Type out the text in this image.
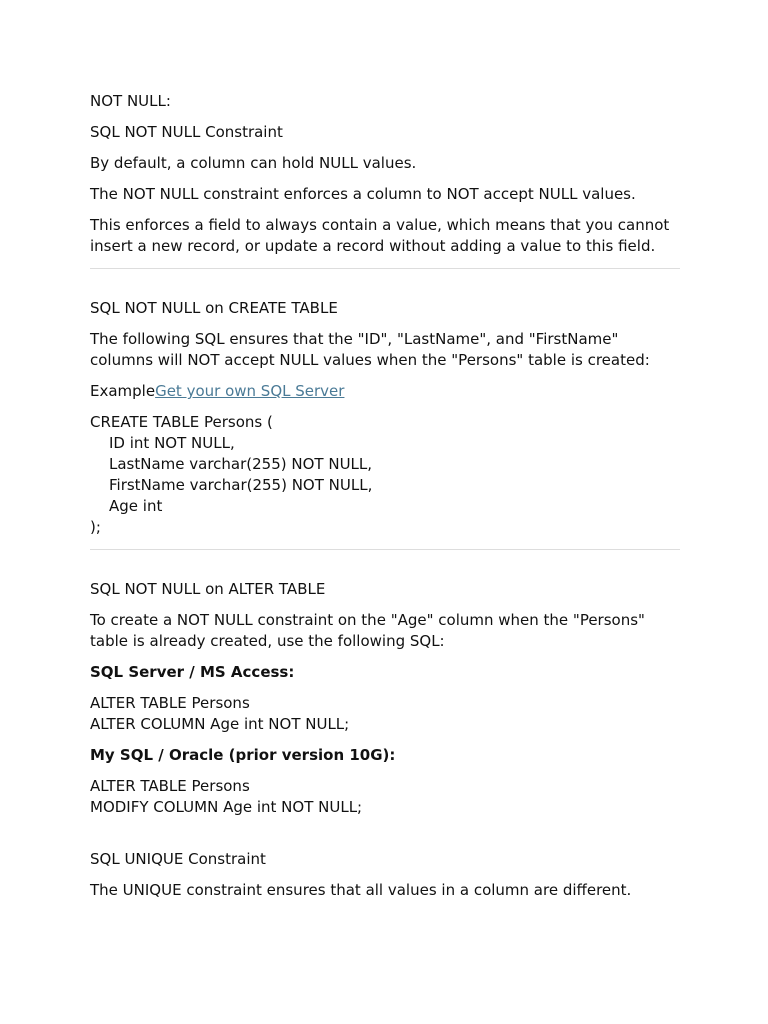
NOT NULL:

SQL NOT NULL Constraint

By default, a column can hold NULL values.

The NOT NULL constraint enforces a column to NOT accept NULL values.

This enforces a field to always contain a value, which means that you cannot insert a new record, or update a record without adding a value to this field.

SQL NOT NULL on CREATE TABLE

The following SQL ensures that the "ID", "LastName", and "FirstName" columns will NOT accept NULL values when the "Persons" table is created:

ExampleGet your own SQL Server

CREATE TABLE Persons (
ID int NOT NULL,
LastName varchar(255) NOT NULL,
FirstName varchar(255) NOT NULL,
Age int
);

SQL NOT NULL on ALTER TABLE

To create a NOT NULL constraint on the "Age" column when the "Persons" table is already created, use the following SQL:

SQL Server / MS Access:

ALTER TABLE Persons
ALTER COLUMN Age int NOT NULL;

My SQL / Oracle (prior version 10G):

ALTER TABLE Persons
MODIFY COLUMN Age int NOT NULL;

SQL UNIQUE Constraint

The UNIQUE constraint ensures that all values in a column are different.
